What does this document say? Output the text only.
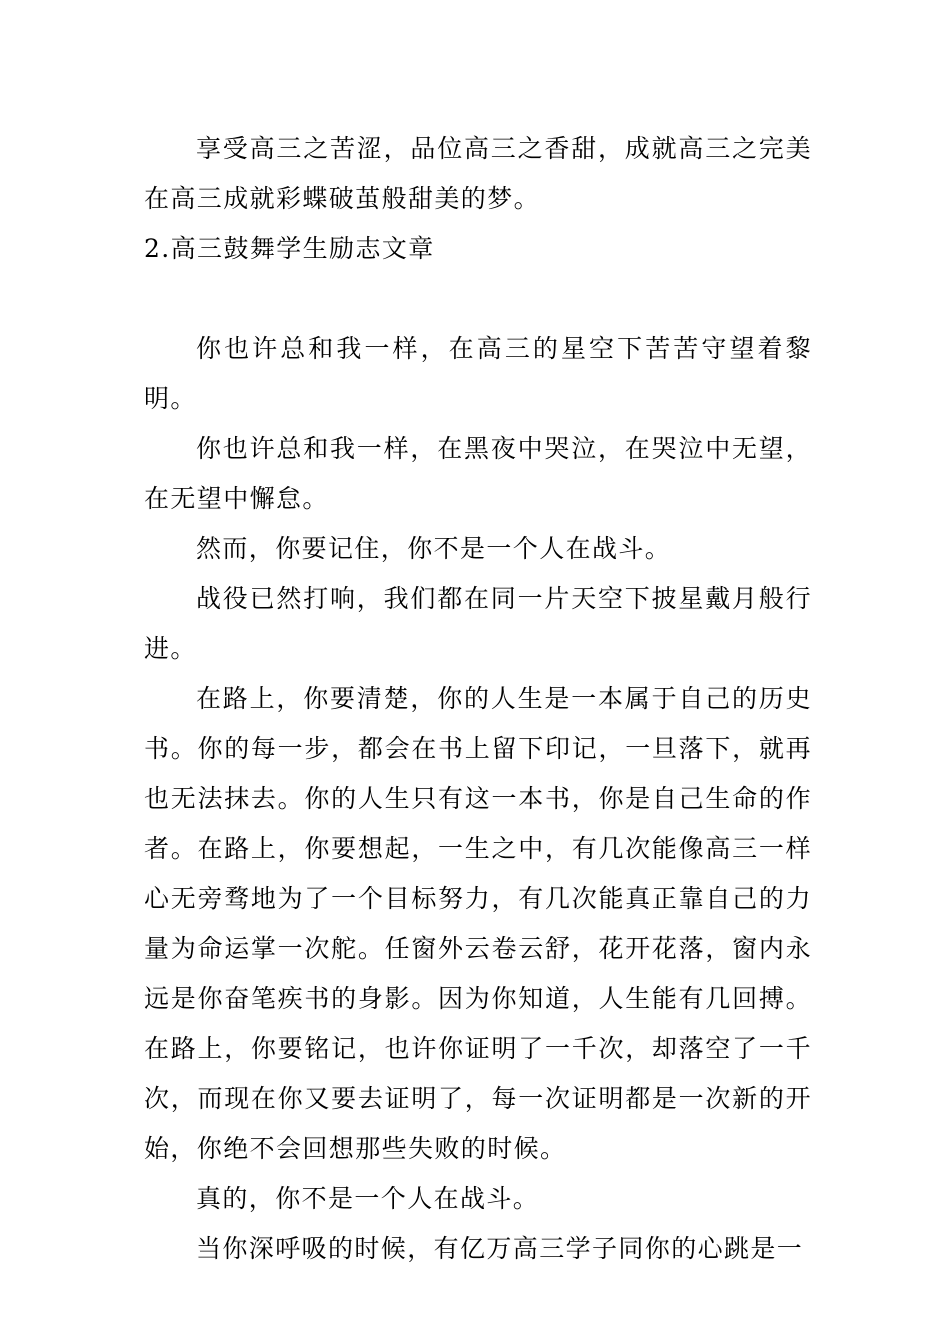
享受高三之苦涩，品位高三之香甜，成就高三之完美在高三成就彩蝶破茧般甜美的梦。

2.高三鼓舞学生励志文章

你也许总和我一样，在高三的星空下苦苦守望着黎明。

你也许总和我一样，在黑夜中哭泣，在哭泣中无望，在无望中懈怠。

然而，你要记住，你不是一个人在战斗。

战役已然打响，我们都在同一片天空下披星戴月般行进。

在路上，你要清楚，你的人生是一本属于自己的历史书。你的每一步，都会在书上留下印记，一旦落下，就再也无法抹去。你的人生只有这一本书，你是自己生命的作者。在路上，你要想起，一生之中，有几次能像高三一样心无旁骛地为了一个目标努力，有几次能真正靠自己的力量为命运掌一次舵。任窗外云卷云舒，花开花落，窗内永远是你奋笔疾书的身影。因为你知道，人生能有几回搏。在路上，你要铭记，也许你证明了一千次，却落空了一千次，而现在你又要去证明了，每一次证明都是一次新的开始，你绝不会回想那些失败的时候。

真的，你不是一个人在战斗。

当你深呼吸的时候，有亿万高三学子同你的心跳是一
